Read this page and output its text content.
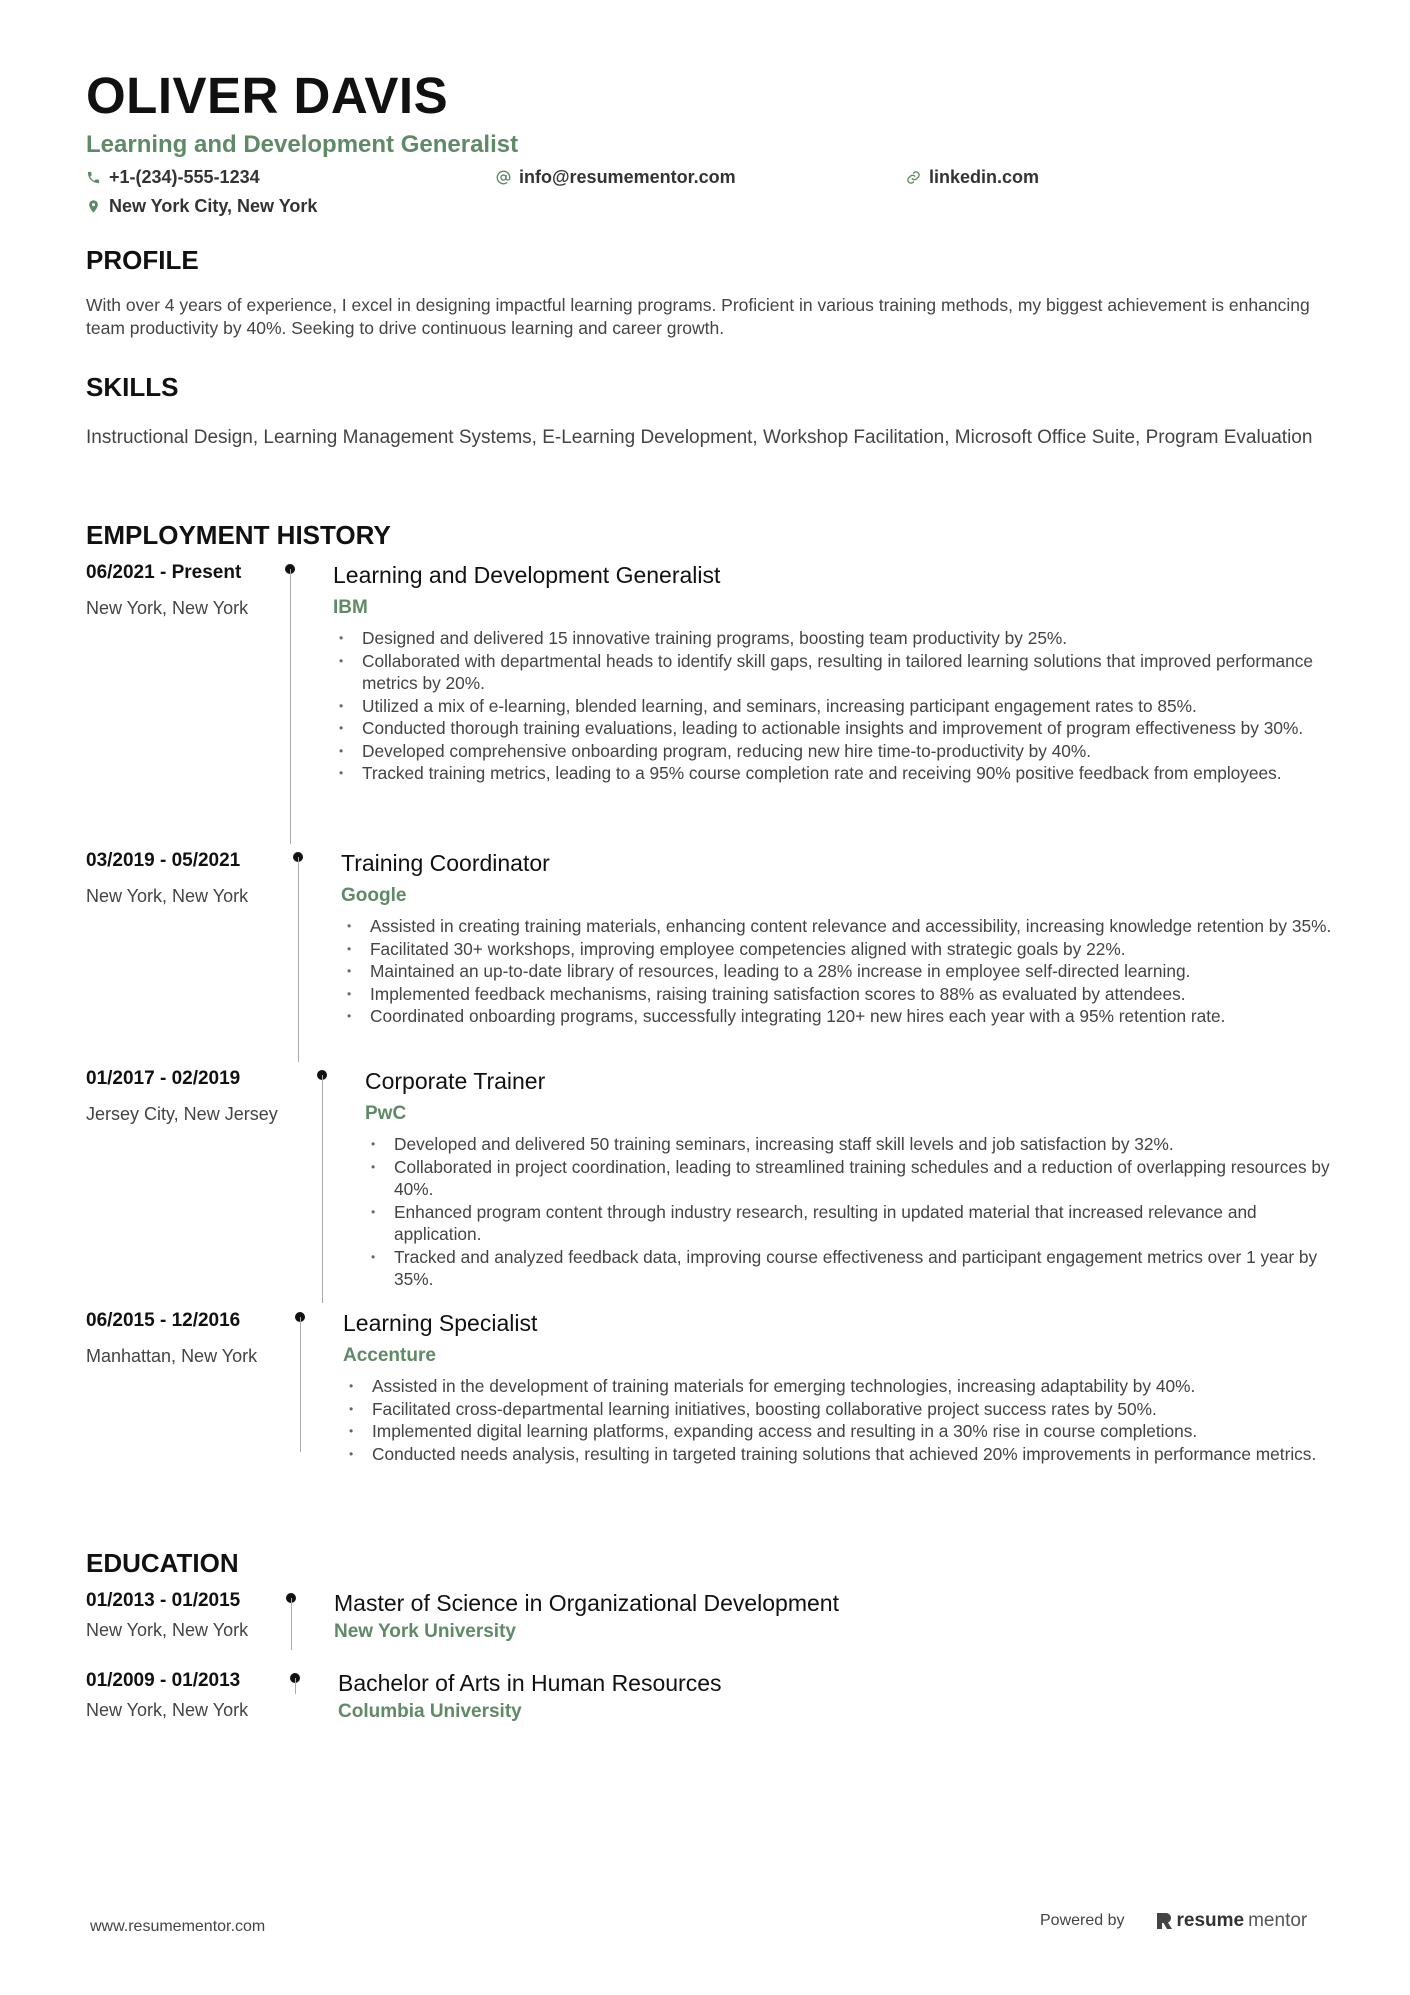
OLIVER DAVIS
Learning and Development Generalist
+1-(234)-555-1234	info@resumementor.com	linkedin.com
New York City, New York
PROFILE
With over 4 years of experience, I excel in designing impactful learning programs. Proficient in various training methods, my biggest achievement is enhancing team productivity by 40%. Seeking to drive continuous learning and career growth.
SKILLS
Instructional Design, Learning Management Systems, E-Learning Development, Workshop Facilitation, Microsoft Office Suite, Program Evaluation
EMPLOYMENT HISTORY
06/2021 - Present
New York, New York
Learning and Development Generalist
IBM
• Designed and delivered 15 innovative training programs, boosting team productivity by 25%.
• Collaborated with departmental heads to identify skill gaps, resulting in tailored learning solutions that improved performance metrics by 20%.
• Utilized a mix of e-learning, blended learning, and seminars, increasing participant engagement rates to 85%.
• Conducted thorough training evaluations, leading to actionable insights and improvement of program effectiveness by 30%.
• Developed comprehensive onboarding program, reducing new hire time-to-productivity by 40%.
• Tracked training metrics, leading to a 95% course completion rate and receiving 90% positive feedback from employees.
03/2019 - 05/2021
New York, New York
Training Coordinator
Google
• Assisted in creating training materials, enhancing content relevance and accessibility, increasing knowledge retention by 35%.
• Facilitated 30+ workshops, improving employee competencies aligned with strategic goals by 22%.
• Maintained an up-to-date library of resources, leading to a 28% increase in employee self-directed learning.
• Implemented feedback mechanisms, raising training satisfaction scores to 88% as evaluated by attendees.
• Coordinated onboarding programs, successfully integrating 120+ new hires each year with a 95% retention rate.
01/2017 - 02/2019
Jersey City, New Jersey
Corporate Trainer
PwC
• Developed and delivered 50 training seminars, increasing staff skill levels and job satisfaction by 32%.
• Collaborated in project coordination, leading to streamlined training schedules and a reduction of overlapping resources by 40%.
• Enhanced program content through industry research, resulting in updated material that increased relevance and application.
• Tracked and analyzed feedback data, improving course effectiveness and participant engagement metrics over 1 year by 35%.
06/2015 - 12/2016
Manhattan, New York
Learning Specialist
Accenture
• Assisted in the development of training materials for emerging technologies, increasing adaptability by 40%.
• Facilitated cross-departmental learning initiatives, boosting collaborative project success rates by 50%.
• Implemented digital learning platforms, expanding access and resulting in a 30% rise in course completions.
• Conducted needs analysis, resulting in targeted training solutions that achieved 20% improvements in performance metrics.
EDUCATION
01/2013 - 01/2015
New York, New York
Master of Science in Organizational Development
New York University
01/2009 - 01/2013
New York, New York
Bachelor of Arts in Human Resources
Columbia University
www.resumementor.com	Powered by	resume mentor
